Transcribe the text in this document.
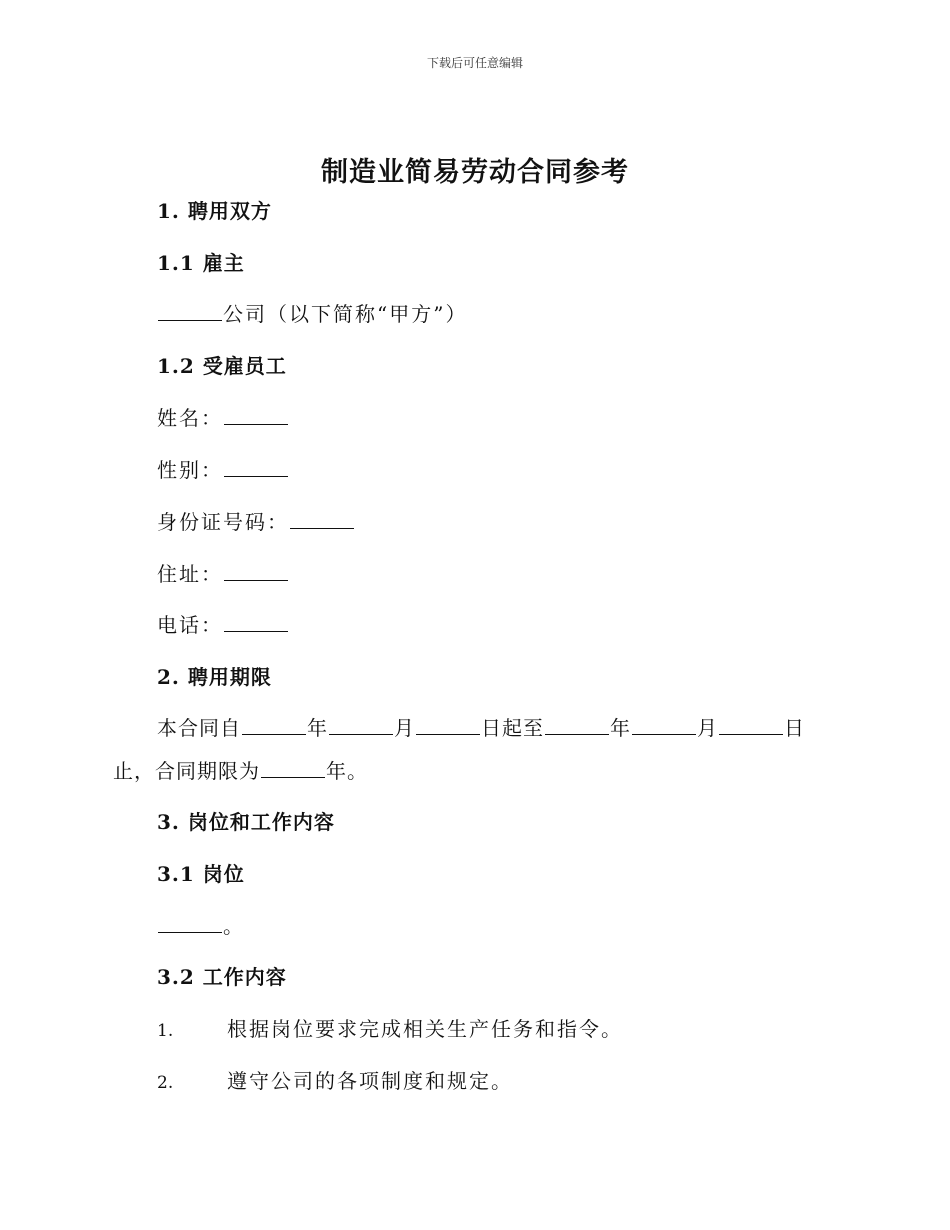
下载后可任意编辑
制造业简易劳动合同参考
1. 聘用双方
1.1 雇主
公司（以下简称“甲方”）
1.2 受雇员工
姓名：
性别：
身份证号码：
住址：
电话：
2. 聘用期限
本合同自	年	月	日起至	年	月	日
止，合同期限为	年。
3. 岗位和工作内容
3.1 岗位
。
3.2 工作内容
1.	根据岗位要求完成相关生产任务和指令。
2.	遵守公司的各项制度和规定。
